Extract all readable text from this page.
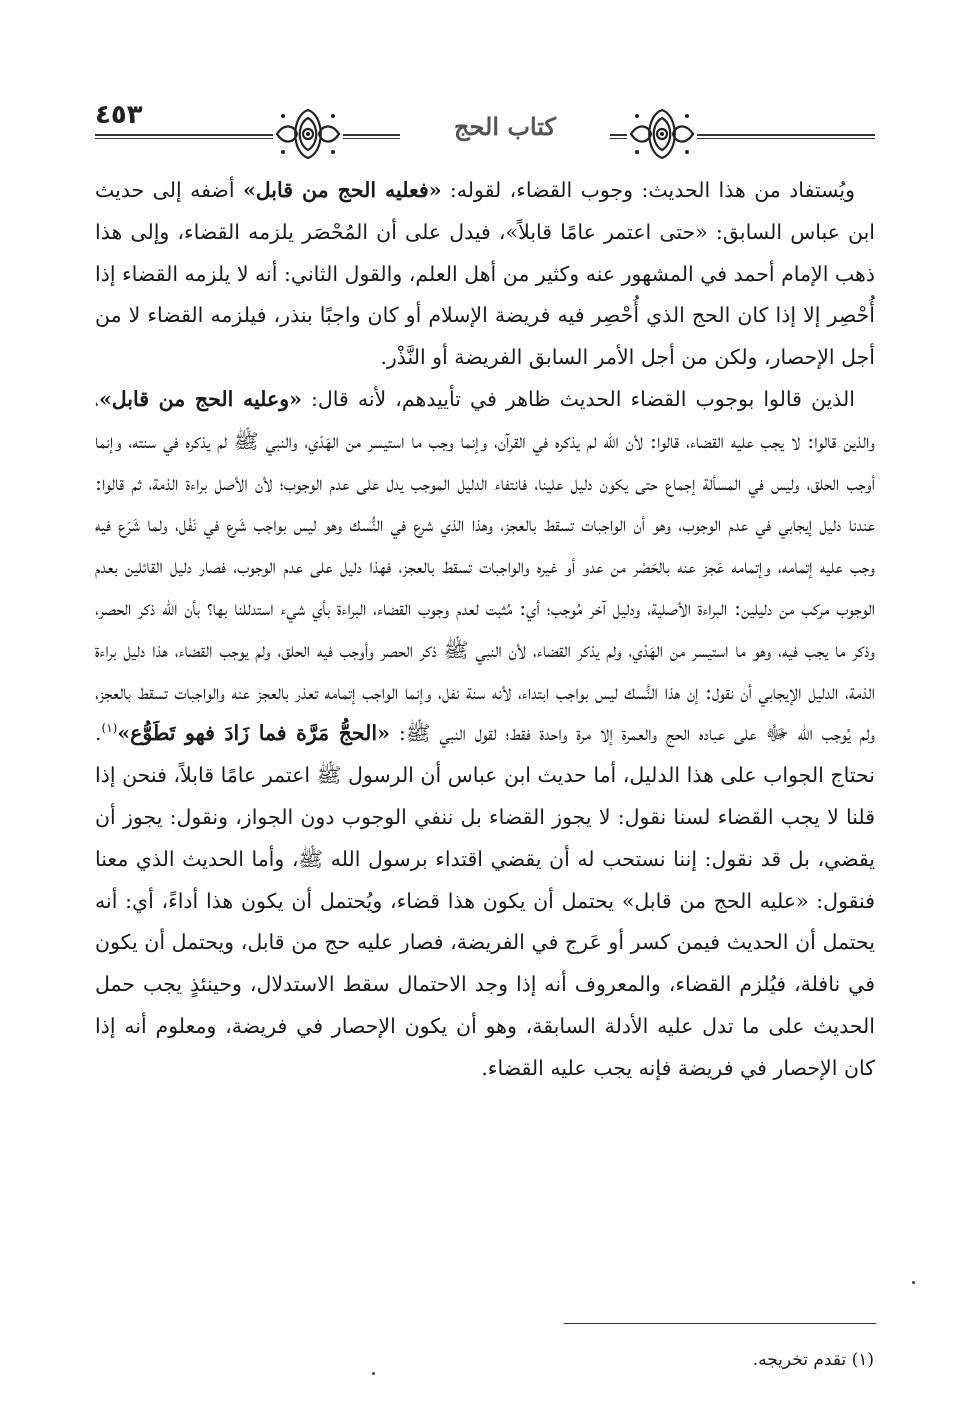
٤٥٣	كتاب الحج

ويُستفاد من هذا الحديث: وجوب القضاء، لقوله: «فعليه الحج من قابل» أضفه إلى حديث ابن عباس السابق: «حتى اعتمر عامًا قابلاً»، فيدل على أن المُحْصَر يلزمه القضاء، وإلى هذا ذهب الإمام أحمد في المشهور عنه وكثير من أهل العلم، والقول الثاني: أنه لا يلزمه القضاء إذا أُحْصِر إلا إذا كان الحج الذي أُحْصِر فيه فريضة الإسلام أو كان واجبًا بنذر، فيلزمه القضاء لا من أجل الإحصار، ولكن من أجل الأمر السابق الفريضة أو النَّذْر.

الذين قالوا بوجوب القضاء الحديث ظاهر في تأييدهم، لأنه قال: «وعليه الحج من قابل»، والذين قالوا: لا يجب عليه القضاء، قالوا: لأن الله لم يذكره في القرآن، وإنما وجب ما استيسر من الهَدْي، والنبي ﷺ لم يذكره في سنته، وإنما أوجب الحلق، وليس في المسألة إجماع حتى يكون دليل علينا، فانتفاء الدليل الموجب يدل على عدم الوجوب؛ لأن الأصل براءة الذمة، ثم قالوا: عندنا دليل إيجابي في عدم الوجوب، وهو أن الواجبات تسقط بالعجز، وهذا الذي شرع في النُّسك وهو ليس بواجب شَرع في نَفْل، ولما شَرَع فيه وجب عليه إتمامه، وإتمامه عَجز عنه بالحَصْر من عدو أو غيره والواجبات تسقط بالعجز، فهذا دليل على عدم الوجوب، فصار دليل القائلين بعدم الوجوب مركب من دليلين: البراءة الأصلية، ودليل آخر مُوجب؛ أي: مُثبت لعدم وجوب القضاء، البراءة بأي شيء استدللنا بها؟ بأن الله ذكر الحصر، وذكر ما يجب فيه، وهو ما استيسر من الهَدْي، ولم يذكر القضاء، لأن النبي ﷺ ذكر الحصر وأوجب فيه الحلق، ولم يوجب القضاء، هذا دليل براءة الذمة، الدليل الإيجابي أن نقول: إن هذا النُّسك ليس بواجب ابتداء، لأنه سنة نفل، وإنما الواجب إتمامه تعذر بالعجز عنه والواجبات تسقط بالعجز، ولم يُوجب الله ﷻ على عباده الحج والعمرة إلا مرة واحدة فقط؛ لقول النبي ﷺ: «الحجُّ مَرَّة فما زَادَ فهو تَطَوُّع»$^{(١)}$. نحتاج الجواب على هذا الدليل، أما حديث ابن عباس أن الرسول ﷺ اعتمر عامًا قابلاً، فنحن إذا قلنا لا يجب القضاء لسنا نقول: لا يجوز القضاء بل ننفي الوجوب دون الجواز، ونقول: يجوز أن يقضي، بل قد نقول: إننا نستحب له أن يقضي اقتداء برسول الله ﷺ، وأما الحديث الذي معنا فنقول: «عليه الحج من قابل» يحتمل أن يكون هذا قضاء، ويُحتمل أن يكون هذا أداءً، أي: أنه يحتمل أن الحديث فيمن كسر أو عَرج في الفريضة، فصار عليه حج من قابل، ويحتمل أن يكون في نافلة، فيُلزم القضاء، والمعروف أنه إذا وجد الاحتمال سقط الاستدلال، وحينئذٍ يجب حمل الحديث على ما تدل عليه الأدلة السابقة، وهو أن يكون الإحصار في فريضة، ومعلوم أنه إذا كان الإحصار في فريضة فإنه يجب عليه القضاء.

(١) تقدم تخريجه.
